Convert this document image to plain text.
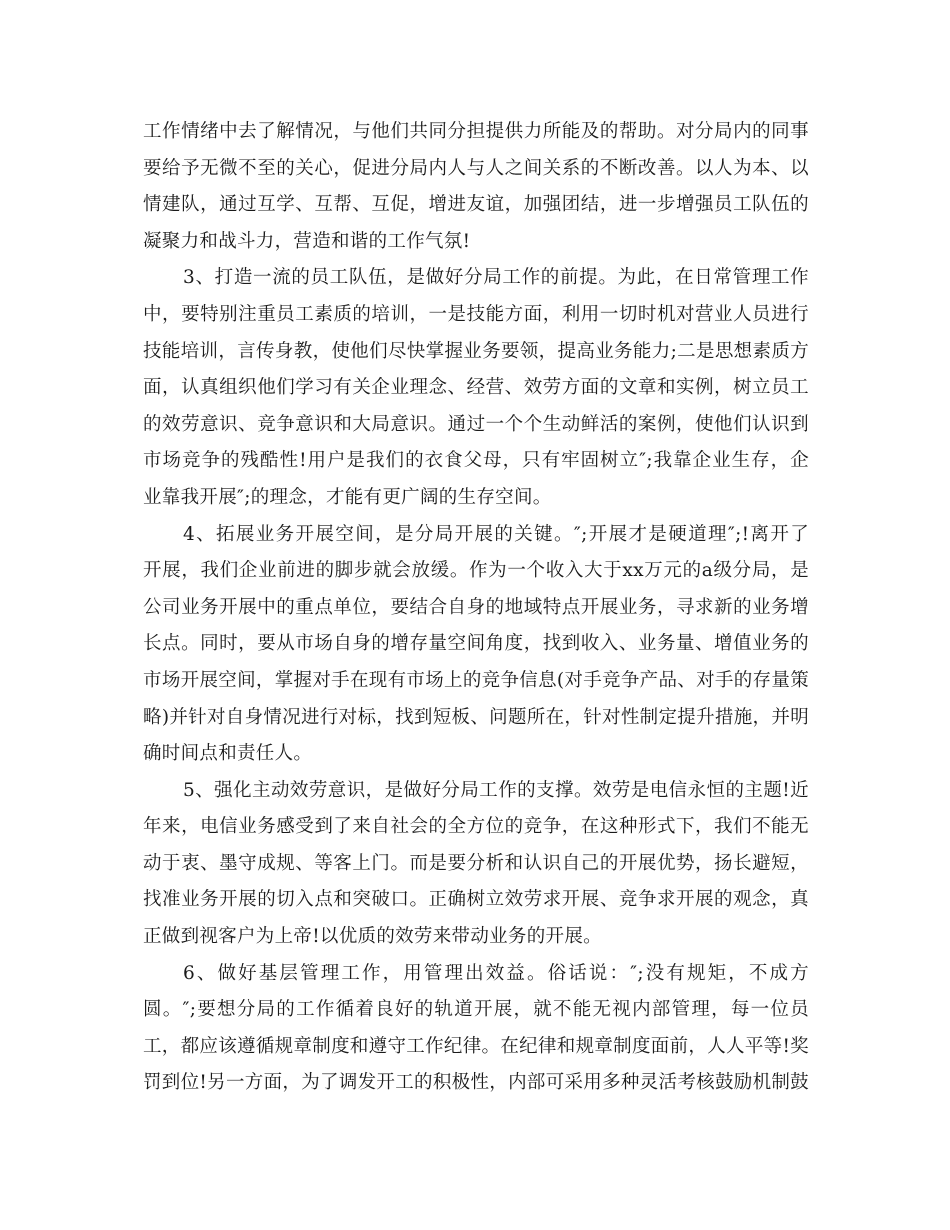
工作情绪中去了解情况，与他们共同分担提供力所能及的帮助。对分局内的同事
要给予无微不至的关心，促进分局内人与人之间关系的不断改善。以人为本、以
情建队，通过互学、互帮、互促，增进友谊，加强团结，进一步增强员工队伍的
凝聚力和战斗力，营造和谐的工作气氛!
3、打造一流的员工队伍，是做好分局工作的前提。为此，在日常管理工作
中，要特别注重员工素质的培训，一是技能方面，利用一切时机对营业人员进行
技能培训，言传身教，使他们尽快掌握业务要领，提高业务能力;二是思想素质方
面，认真组织他们学习有关企业理念、经营、效劳方面的文章和实例，树立员工
的效劳意识、竞争意识和大局意识。通过一个个生动鲜活的案例，使他们认识到
市场竞争的残酷性!用户是我们的衣食父母，只有牢固树立″;我靠企业生存，企
业靠我开展″;的理念，才能有更广阔的生存空间。
4、拓展业务开展空间，是分局开展的关键。″;开展才是硬道理″;!离开了
开展，我们企业前进的脚步就会放缓。作为一个收入大于xx万元的a级分局，是
公司业务开展中的重点单位，要结合自身的地域特点开展业务，寻求新的业务增
长点。同时，要从市场自身的增存量空间角度，找到收入、业务量、增值业务的
市场开展空间，掌握对手在现有市场上的竞争信息(对手竞争产品、对手的存量策
略)并针对自身情况进行对标，找到短板、问题所在，针对性制定提升措施，并明
确时间点和责任人。
5、强化主动效劳意识，是做好分局工作的支撑。效劳是电信永恒的主题!近
年来，电信业务感受到了来自社会的全方位的竞争，在这种形式下，我们不能无
动于衷、墨守成规、等客上门。而是要分析和认识自己的开展优势，扬长避短，
找准业务开展的切入点和突破口。正确树立效劳求开展、竞争求开展的观念，真
正做到视客户为上帝!以优质的效劳来带动业务的开展。
6、做好基层管理工作，用管理出效益。俗话说：″;没有规矩，不成方
圆。″;要想分局的工作循着良好的轨道开展，就不能无视内部管理，每一位员
工，都应该遵循规章制度和遵守工作纪律。在纪律和规章制度面前，人人平等!奖
罚到位!另一方面，为了调发开工的积极性，内部可采用多种灵活考核鼓励机制鼓
